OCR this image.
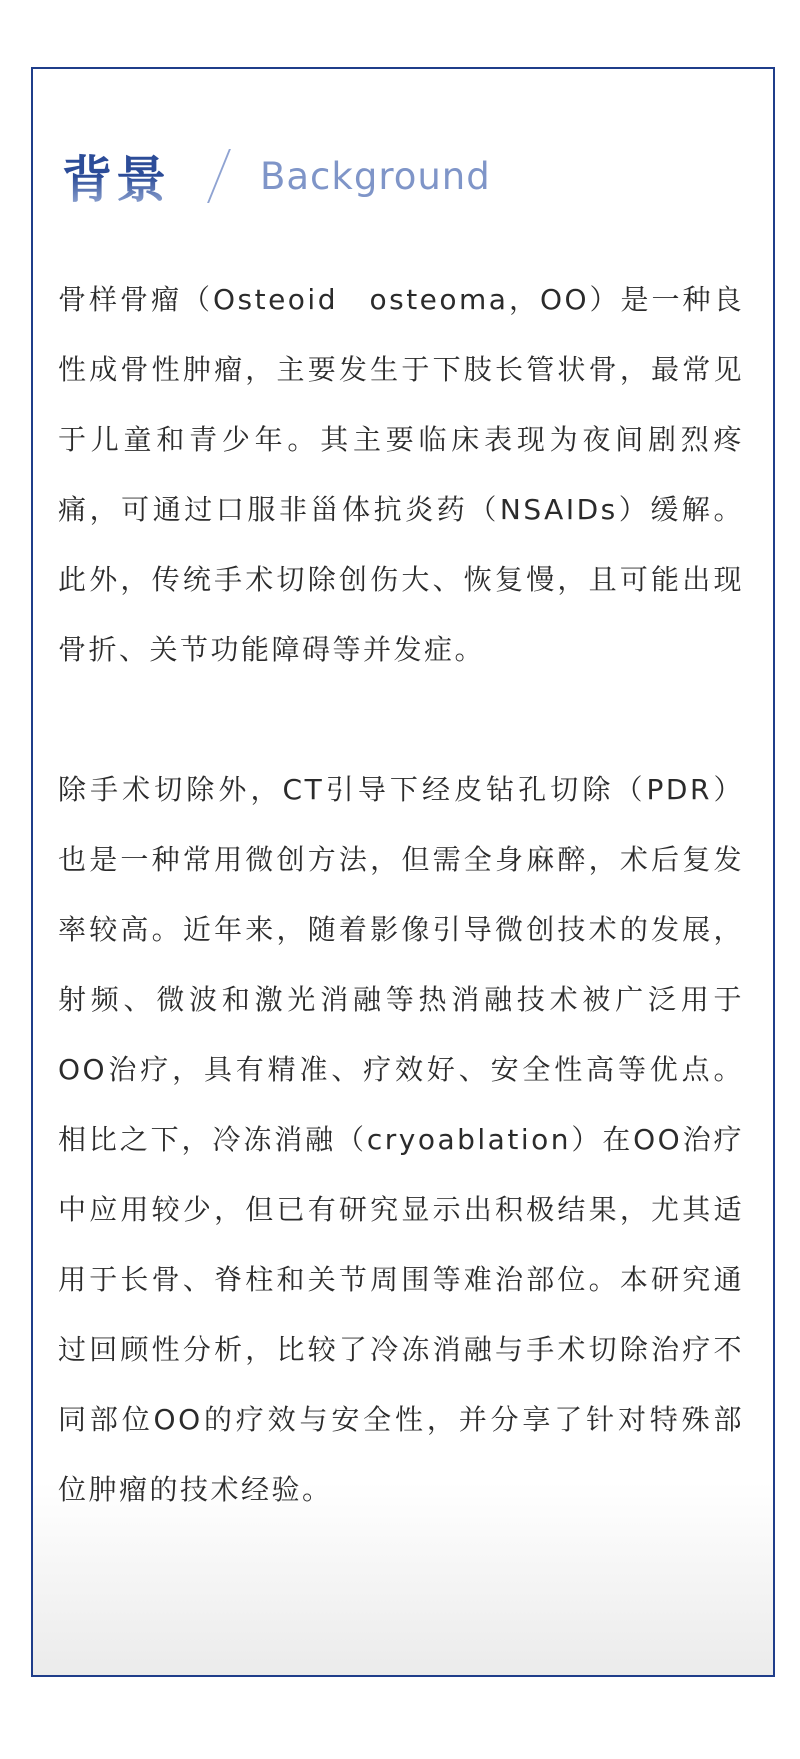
背景 Background

骨样骨瘤（Osteoid　osteoma，OO）是一种良性成骨性肿瘤，主要发生于下肢长管状骨，最常见于儿童和青少年。其主要临床表现为夜间剧烈疼痛，可通过口服非甾体抗炎药（NSAIDs）缓解。此外，传统手术切除创伤大、恢复慢，且可能出现骨折、关节功能障碍等并发症。

除手术切除外，CT引导下经皮钻孔切除（PDR）也是一种常用微创方法，但需全身麻醉，术后复发率较高。近年来，随着影像引导微创技术的发展，射频、微波和激光消融等热消融技术被广泛用于OO治疗，具有精准、疗效好、安全性高等优点。相比之下，冷冻消融（cryoablation）在OO治疗中应用较少，但已有研究显示出积极结果，尤其适用于长骨、脊柱和关节周围等难治部位。本研究通过回顾性分析，比较了冷冻消融与手术切除治疗不同部位OO的疗效与安全性，并分享了针对特殊部位肿瘤的技术经验。
